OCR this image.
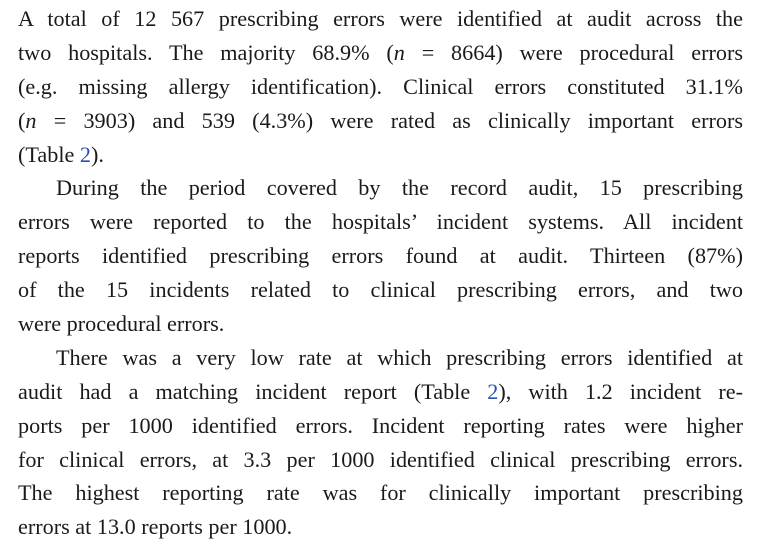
A total of 12 567 prescribing errors were identified at audit across the
two hospitals. The majority 68.9% (n = 8664) were procedural errors
(e.g. missing allergy identification). Clinical errors constituted 31.1%
(n = 3903) and 539 (4.3%) were rated as clinically important errors
(Table 2).
During the period covered by the record audit, 15 prescribing
errors were reported to the hospitals’ incident systems. All incident
reports identified prescribing errors found at audit. Thirteen (87%)
of the 15 incidents related to clinical prescribing errors, and two
were procedural errors.
There was a very low rate at which prescribing errors identified at
audit had a matching incident report (Table 2), with 1.2 incident re-
ports per 1000 identified errors. Incident reporting rates were higher
for clinical errors, at 3.3 per 1000 identified clinical prescribing errors.
The highest reporting rate was for clinically important prescribing
errors at 13.0 reports per 1000.
